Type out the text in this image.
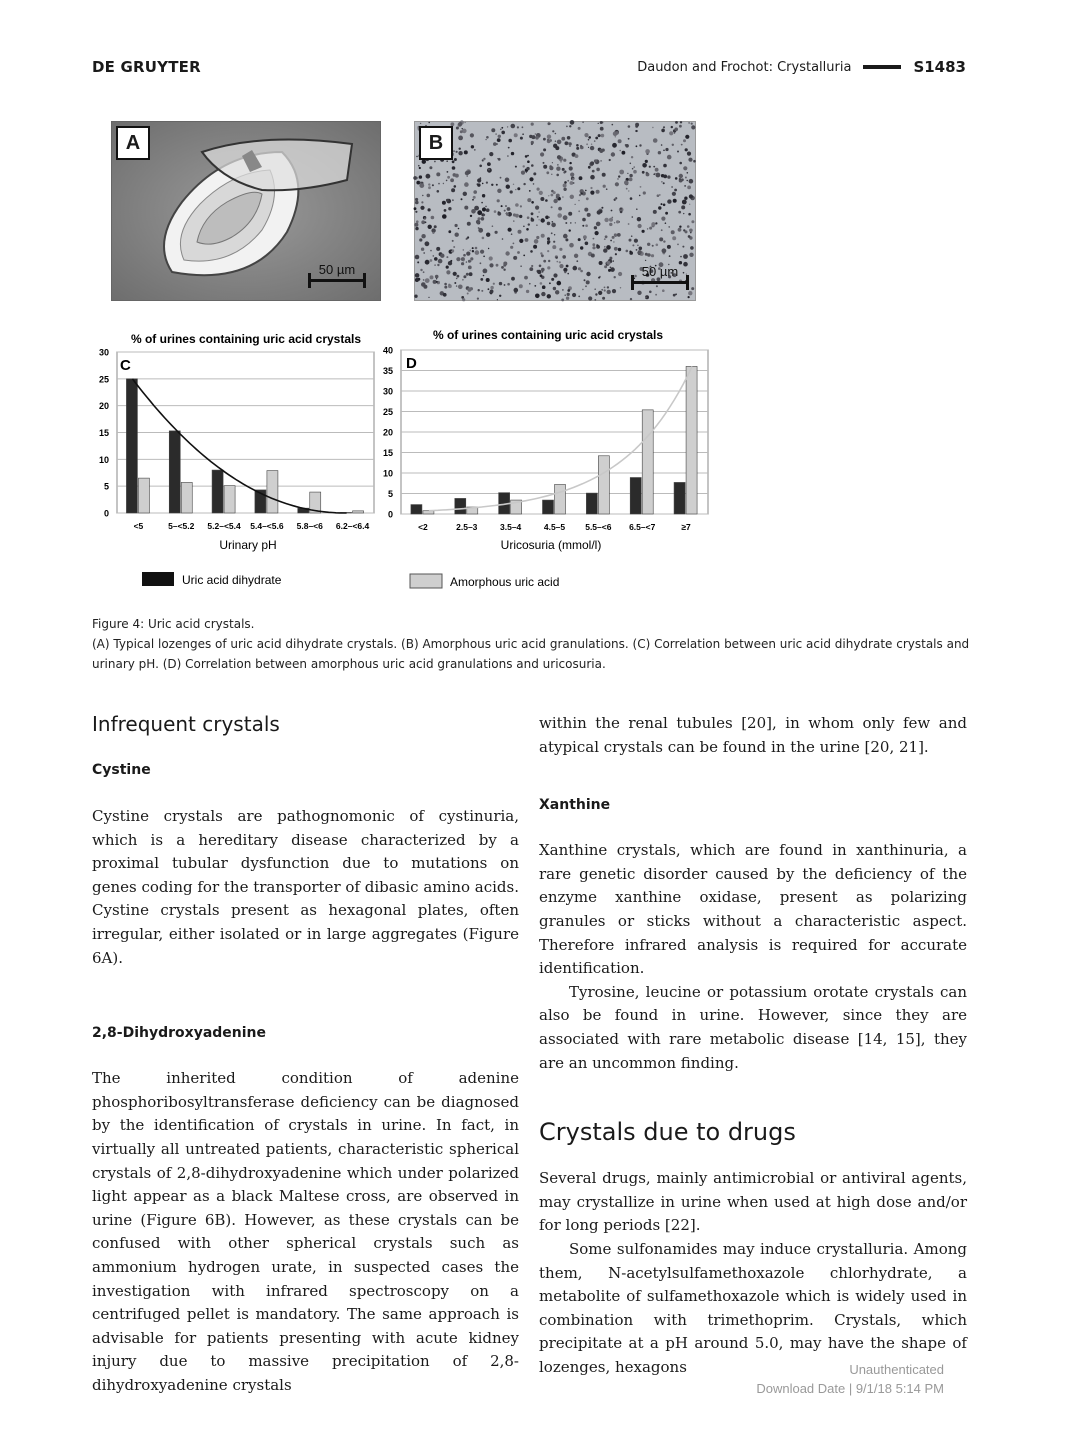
DE GRUYTER	Daudon and Frochot: Crystalluria	S1483
A
50 µm
B
50 µm
% of urines containing uric acid crystals
0
5
10
15
20
25
30
<5	5–<5.2 5.2–<5.4 5.4–<5.6 5.8–<6 6.2–<6.4
C
Urinary pH
% of urines containing uric acid crystals
0
5
10
15
20
25
30
35
40
<2	2.5–3	3.5–4	4.5–5 5.5–<6 6.5–<7	≥7
D
Uricosuria (mmol/l)
Uric acid dihydrate	Amorphous uric acid
Figure 4: Uric acid crystals.
(A) Typical lozenges of uric acid dihydrate crystals. (B) Amorphous uric acid granulations. (C) Correlation between uric acid dihydrate crystals and urinary pH. (D) Correlation between amorphous uric acid granulations and uricosuria.
Infrequent crystals
Cystine

Cystine crystals are pathognomonic of cystinuria, which is a hereditary disease characterized by a proximal tubular dysfunction due to mutations on genes coding for the transporter of dibasic amino acids. Cystine crystals present as hexagonal plates, often irregular, either isolated or in large aggregates (Figure 6A).

2,8-Dihydroxyadenine

The inherited condition of adenine phosphoribosyltransferase deficiency can be diagnosed by the identification of crystals in urine. In fact, in virtually all untreated patients, characteristic spherical crystals of 2,8-dihydroxyadenine which under polarized light appear as a black Maltese cross, are observed in urine (Figure 6B). However, as these crystals can be confused with other spherical crystals such as ammonium hydrogen urate, in suspected cases the investigation with infrared spectroscopy on a centrifuged pellet is mandatory. The same approach is advisable for patients presenting with acute kidney injury due to massive precipitation of 2,8-dihydroxyadenine crystals

within the renal tubules [20], in whom only few and atypical crystals can be found in the urine [20, 21].

Xanthine

Xanthine crystals, which are found in xanthinuria, a rare genetic disorder caused by the deficiency of the enzyme xanthine oxidase, present as polarizing granules or sticks without a characteristic aspect. Therefore infrared analysis is required for accurate identification.

Tyrosine, leucine or potassium orotate crystals can also be found in urine. However, since they are associated with rare metabolic disease [14, 15], they are an uncommon finding.

Crystals due to drugs

Several drugs, mainly antimicrobial or antiviral agents, may crystallize in urine when used at high dose and/or for long periods [22].

Some sulfonamides may induce crystalluria. Among them, N-acetylsulfamethoxazole chlorhydrate, a metabolite of sulfamethoxazole which is widely used in combination with trimethoprim. Crystals, which precipitate at a pH around 5.0, may have the shape of lozenges, hexagons	Unauthenticated
Download Date | 9/1/18 5:14 PM
